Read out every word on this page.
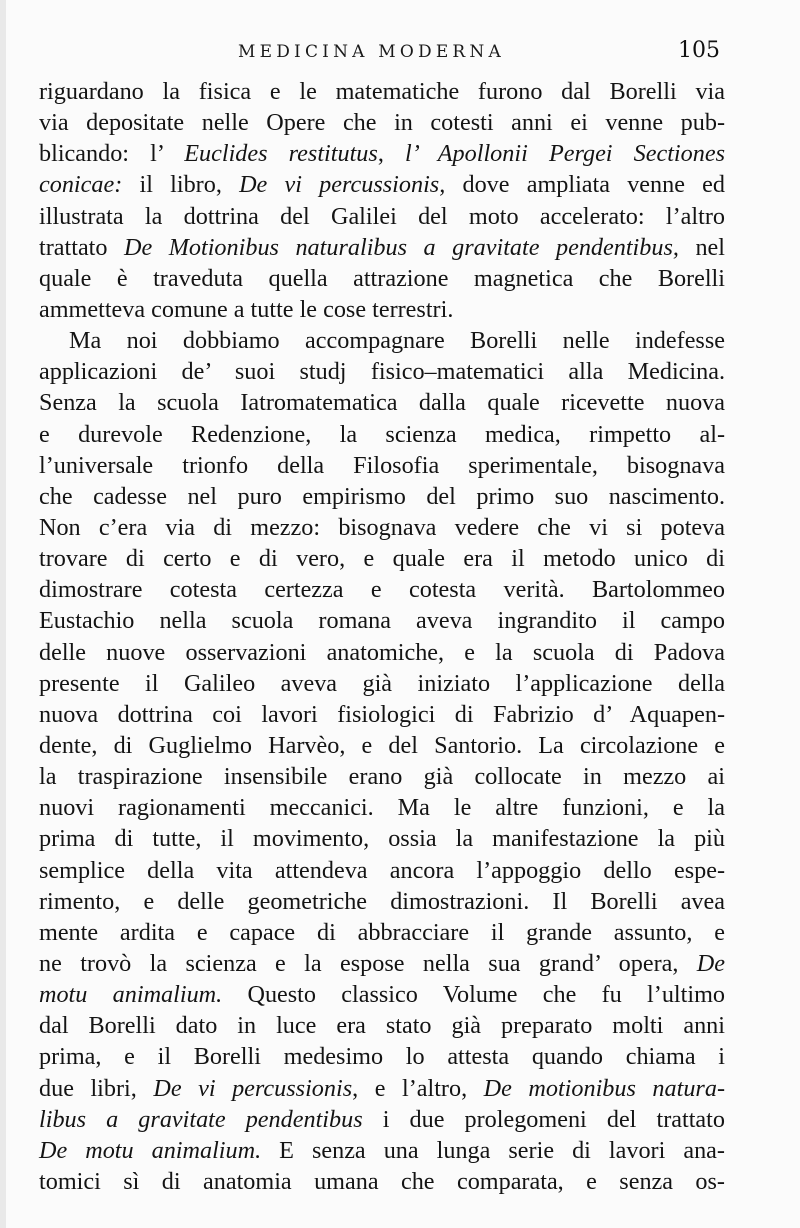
MEDICINA MODERNA	105
riguardano la fisica e le matematiche furono dal Borelli via
via depositate nelle Opere che in cotesti anni ei venne pub-
blicando: l’ Euclides restitutus, l’ Apollonii Pergei Sectiones
conicae: il libro, De vi percussionis, dove ampliata venne ed
illustrata la dottrina del Galilei del moto accelerato: l’altro
trattato De Motionibus naturalibus a gravitate pendentibus, nel
quale è traveduta quella attrazione magnetica che Borelli
ammetteva comune a tutte le cose terrestri.
Ma noi dobbiamo accompagnare Borelli nelle indefesse
applicazioni de’ suoi studj fisico–matematici alla Medicina.
Senza la scuola Iatromatematica dalla quale ricevette nuova
e durevole Redenzione, la scienza medica, rimpetto al-
l’universale trionfo della Filosofia sperimentale, bisognava
che cadesse nel puro empirismo del primo suo nascimento.
Non c’era via di mezzo: bisognava vedere che vi si poteva
trovare di certo e di vero, e quale era il metodo unico di
dimostrare cotesta certezza e cotesta verità. Bartolommeo
Eustachio nella scuola romana aveva ingrandito il campo
delle nuove osservazioni anatomiche, e la scuola di Padova
presente il Galileo aveva già iniziato l’applicazione della
nuova dottrina coi lavori fisiologici di Fabrizio d’ Aquapen-
dente, di Guglielmo Harvèo, e del Santorio. La circolazione e
la traspirazione insensibile erano già collocate in mezzo ai
nuovi ragionamenti meccanici. Ma le altre funzioni, e la
prima di tutte, il movimento, ossia la manifestazione la più
semplice della vita attendeva ancora l’appoggio dello espe-
rimento, e delle geometriche dimostrazioni. Il Borelli avea
mente ardita e capace di abbracciare il grande assunto, e
ne trovò la scienza e la espose nella sua grand’ opera, De
motu animalium. Questo classico Volume che fu l’ultimo
dal Borelli dato in luce era stato già preparato molti anni
prima, e il Borelli medesimo lo attesta quando chiama i
due libri, De vi percussionis, e l’altro, De motionibus natura-
libus a gravitate pendentibus i due prolegomeni del trattato
De motu animalium. E senza una lunga serie di lavori ana-
tomici sì di anatomia umana che comparata, e senza os-
